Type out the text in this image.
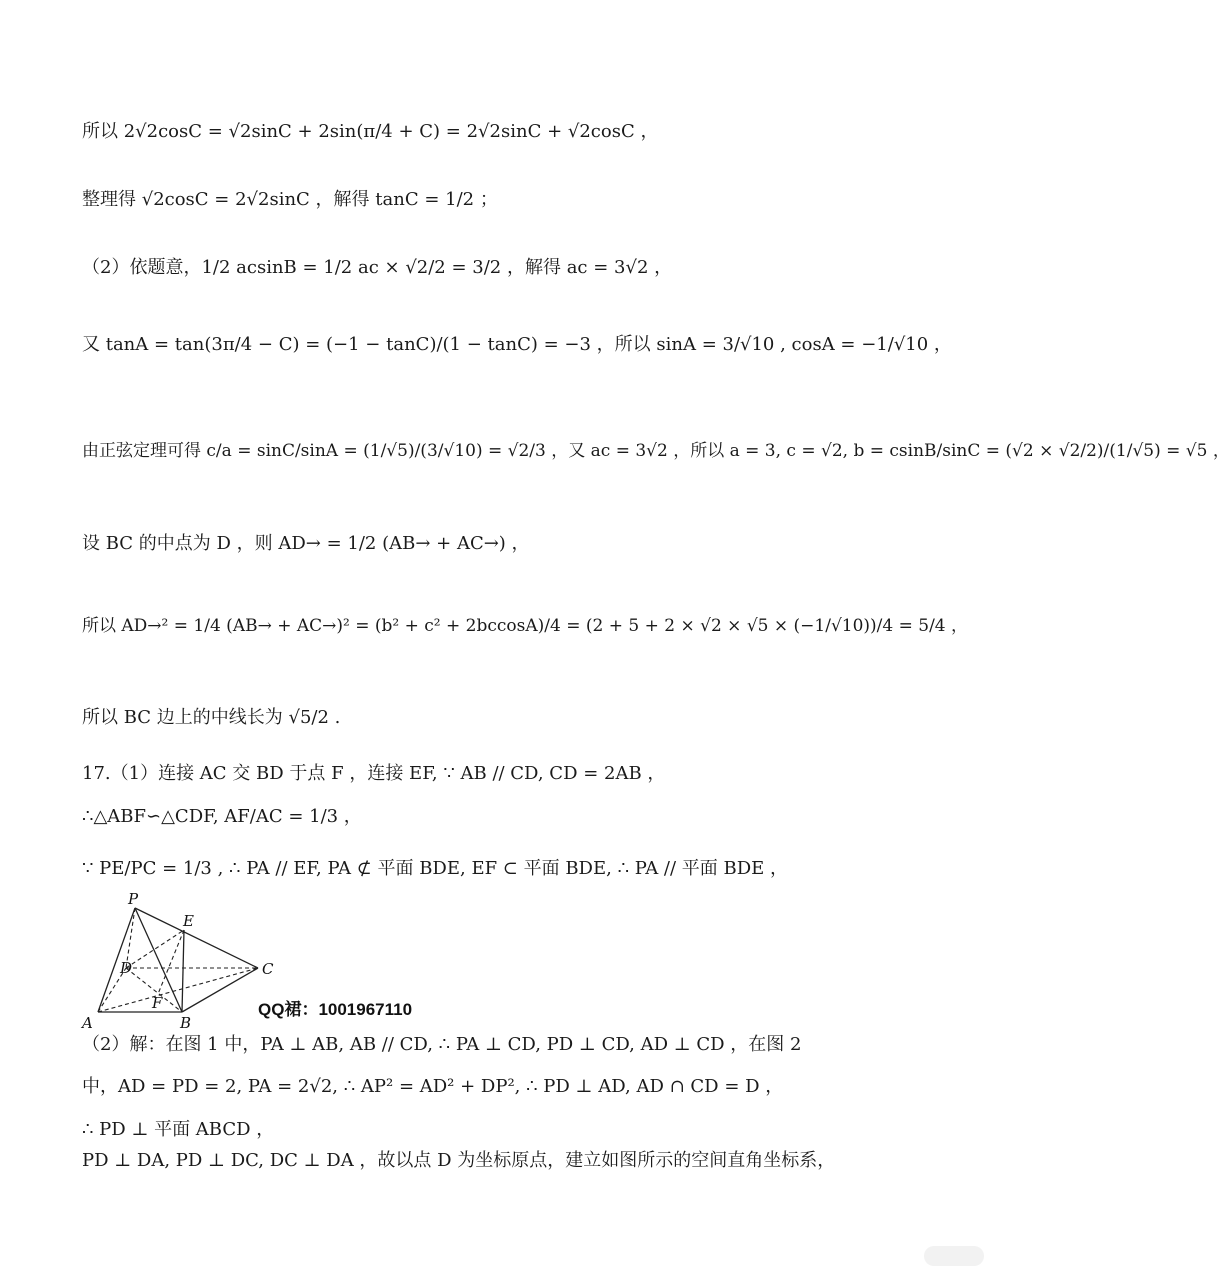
所以 2√2cosC = √2sinC + 2sin(π/4 + C) = 2√2sinC + √2cosC ，
整理得 √2cosC = 2√2sinC ，解得 tanC = 1/2 ；
（2）依题意，1/2 acsinB = 1/2 ac × √2/2 = 3/2 ，解得 ac = 3√2 ，
又 tanA = tan(3π/4 − C) = (−1 − tanC)/(1 − tanC) = −3 ，所以 sinA = 3/√10 , cosA = −1/√10 ，
由正弦定理可得 c/a = sinC/sinA = (1/√5)/(3/√10) = √2/3 ，又 ac = 3√2 ，所以 a = 3, c = √2, b = csinB/sinC = (√2 × √2/2)/(1/√5) = √5 ，
设 BC 的中点为 D ，则 AD→ = 1/2 (AB→ + AC→) ，
所以 AD→² = 1/4 (AB→ + AC→)² = (b² + c² + 2bccosA)/4 = (2 + 5 + 2 × √2 × √5 × (−1/√10))/4 = 5/4 ，
所以 BC 边上的中线长为 √5/2 .
17.（1）连接 AC 交 BD 于点 F ，连接 EF, ∵ AB // CD, CD = 2AB ，
∴△ABF∽△CDF, AF/AC = 1/3 ，
∵ PE/PC = 1/3 , ∴ PA // EF, PA ⊄ 平面 BDE, EF ⊂ 平面 BDE, ∴ PA // 平面 BDE ，
P
E
D	C
F
A	B
QQ裙：1001967110
（2）解：在图 1 中，PA ⊥ AB, AB // CD, ∴ PA ⊥ CD, PD ⊥ CD, AD ⊥ CD ，在图 2
中，AD = PD = 2, PA = 2√2, ∴ AP² = AD² + DP², ∴ PD ⊥ AD, AD ∩ CD = D ，
∴ PD ⊥ 平面 ABCD ，
PD ⊥ DA, PD ⊥ DC, DC ⊥ DA ，故以点 D 为坐标原点，建立如图所示的空间直角坐标系，
